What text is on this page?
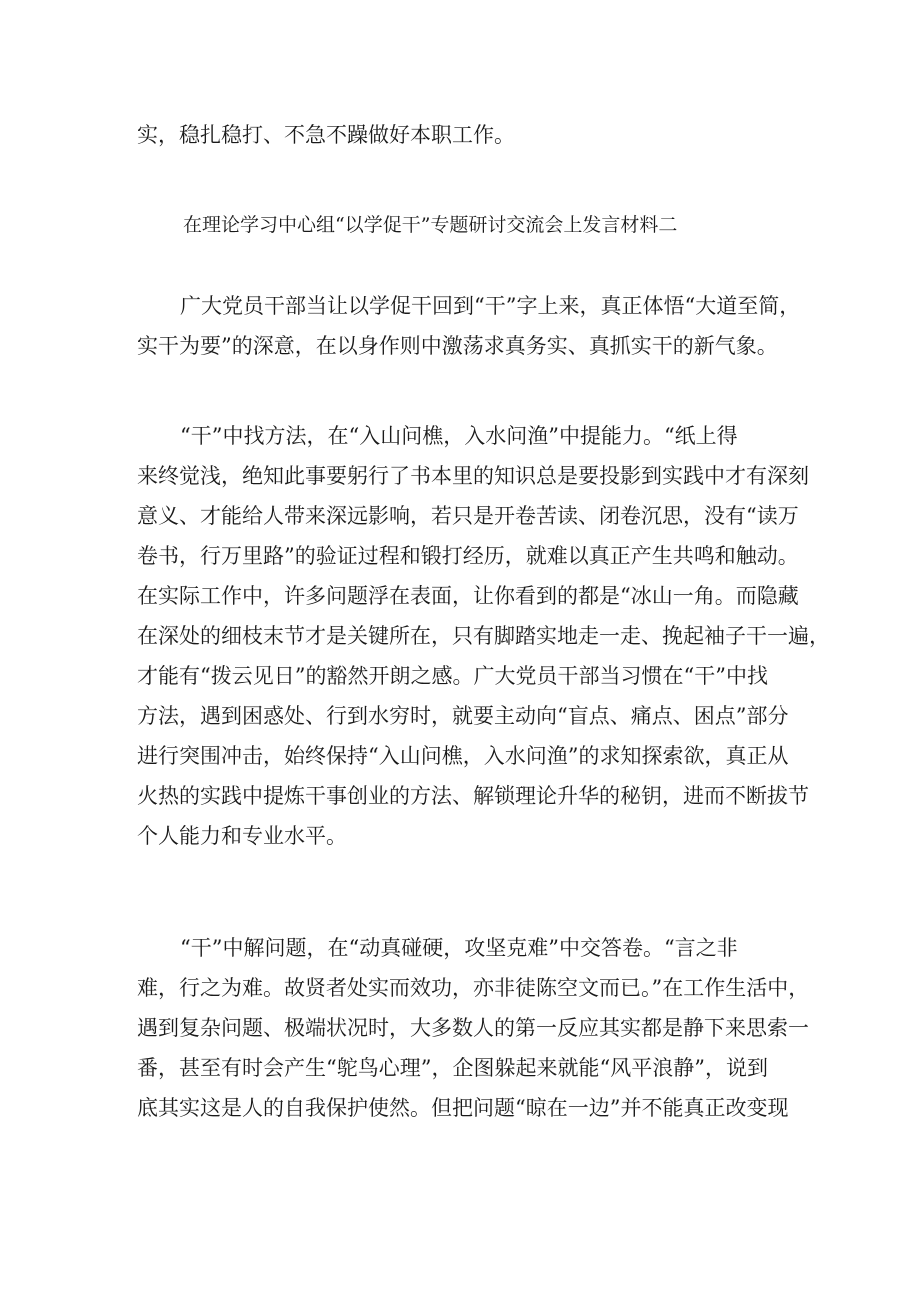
实，稳扎稳打、不急不躁做好本职工作。
在理论学习中心组“以学促干”专题研讨交流会上发言材料二
广大党员干部当让以学促干回到“干”字上来，真正体悟“大道至简，
实干为要”的深意，在以身作则中激荡求真务实、真抓实干的新气象。
“干”中找方法，在“入山问樵，入水问渔”中提能力。“纸上得
来终觉浅，绝知此事要躬行了书本里的知识总是要投影到实践中才有深刻
意义、才能给人带来深远影响，若只是开卷苦读、闭卷沉思，没有“读万
卷书，行万里路”的验证过程和锻打经历，就难以真正产生共鸣和触动。
在实际工作中，许多问题浮在表面，让你看到的都是“冰山一角。而隐藏
在深处的细枝末节才是关键所在，只有脚踏实地走一走、挽起袖子干一遍，
才能有“拨云见日”的豁然开朗之感。广大党员干部当习惯在“干”中找
方法，遇到困惑处、行到水穷时，就要主动向“盲点、痛点、困点”部分
进行突围冲击，始终保持“入山问樵，入水问渔”的求知探索欲，真正从
火热的实践中提炼干事创业的方法、解锁理论升华的秘钥，进而不断拔节
个人能力和专业水平。
“干”中解问题，在“动真碰硬，攻坚克难”中交答卷。“言之非
难，行之为难。故贤者处实而效功，亦非徒陈空文而已。”在工作生活中，
遇到复杂问题、极端状况时，大多数人的第一反应其实都是静下来思索一
番，甚至有时会产生“鸵鸟心理”，企图躲起来就能“风平浪静”，说到
底其实这是人的自我保护使然。但把问题“晾在一边”并不能真正改变现
